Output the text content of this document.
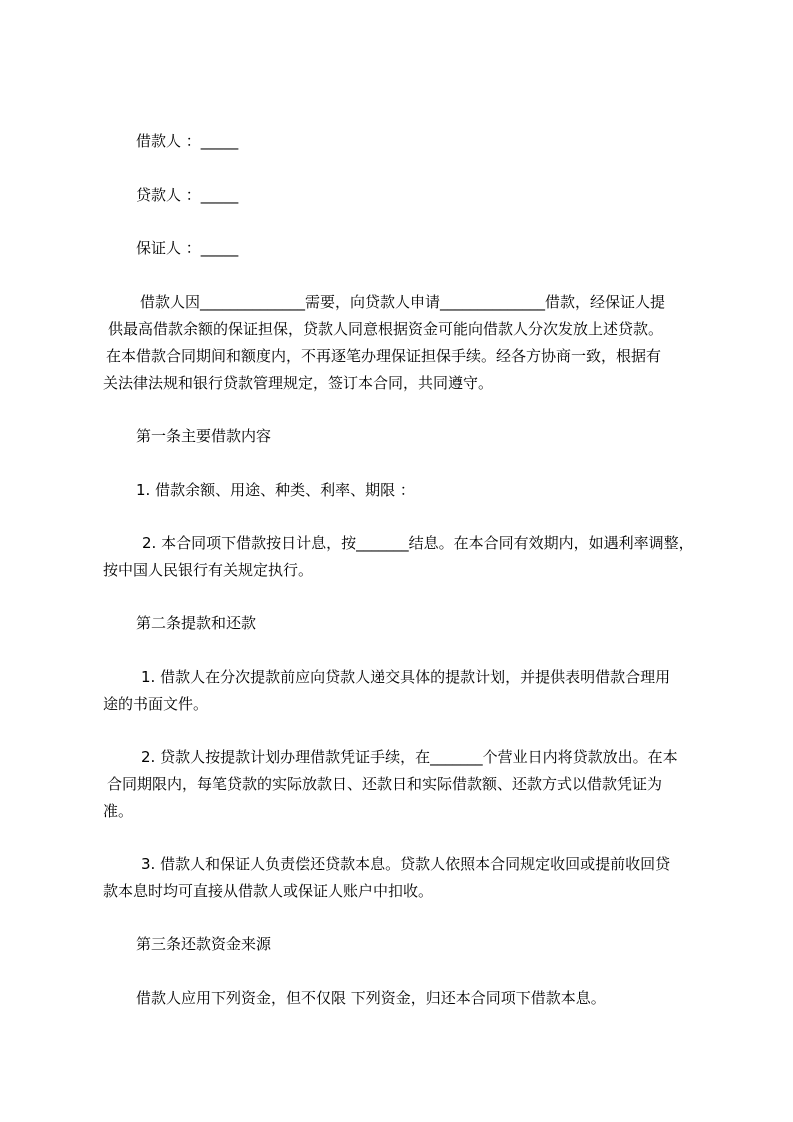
借款人 ：_____
贷款人 ：_____
保证人 ：_____
借款人因______________需要，向贷款人申请______________借款，经保证人提
供最高借款余额的保证担保，贷款人同意根据资金可能向借款人分次发放上述贷款。
在本借款合同期间和额度内，不再逐笔办理保证担保手续。经各方协商一致，根据有
关法律法规和银行贷款管理规定，签订本合同，共同遵守。
第一条主要借款内容
1. 借款余额、用途、种类、利率、期限 ：
2. 本合同项下借款按日计息，按_______结息。在本合同有效期内，如遇利率调整，
按中国人民银行有关规定执行。
第二条提款和还款
1. 借款人在分次提款前应向贷款人递交具体的提款计划，并提供表明借款合理用
途的书面文件。
2. 贷款人按提款计划办理借款凭证手续，在_______个营业日内将贷款放出。在本
合同期限内，每笔贷款的实际放款日、还款日和实际借款额、还款方式以借款凭证为
准。
3. 借款人和保证人负责偿还贷款本息。贷款人依照本合同规定收回或提前收回贷
款本息时均可直接从借款人或保证人账户中扣收。
第三条还款资金来源
借款人应用下列资金，但不仅限 下列资金，归还本合同项下借款本息。
